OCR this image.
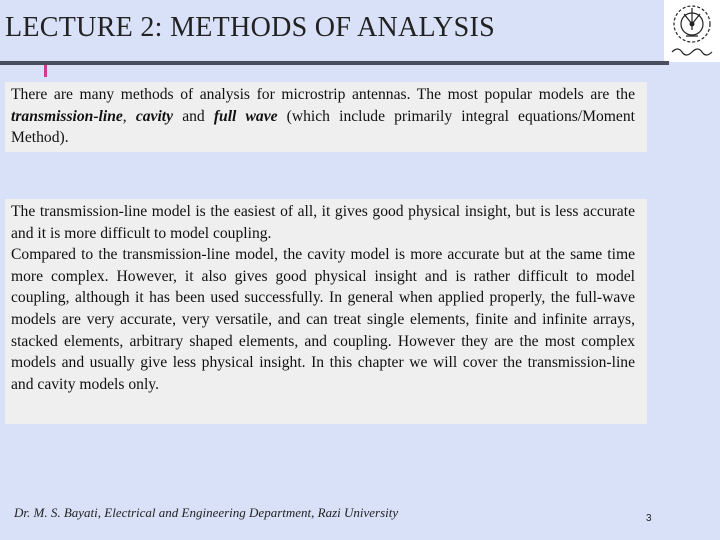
LECTURE 2: METHODS OF ANALYSIS

There are many methods of analysis for microstrip antennas. The most popular models are the transmission-line, cavity and full wave (which include primarily integral equations/Moment Method).

The transmission-line model is the easiest of all, it gives good physical insight, but is less accurate and it is more difficult to model coupling.

Compared to the transmission-line model, the cavity model is more accurate but at the same time more complex. However, it also gives good physical insight and is rather difficult to model coupling, although it has been used successfully. In general when applied properly, the full-wave models are very accurate, very versatile, and can treat single elements, finite and infinite arrays, stacked elements, arbitrary shaped elements, and coupling. However they are the most complex models and usually give less physical insight. In this chapter we will cover the transmission-line and cavity models only.

Dr. M. S. Bayati, Electrical and Engineering Department, Razi University	3
